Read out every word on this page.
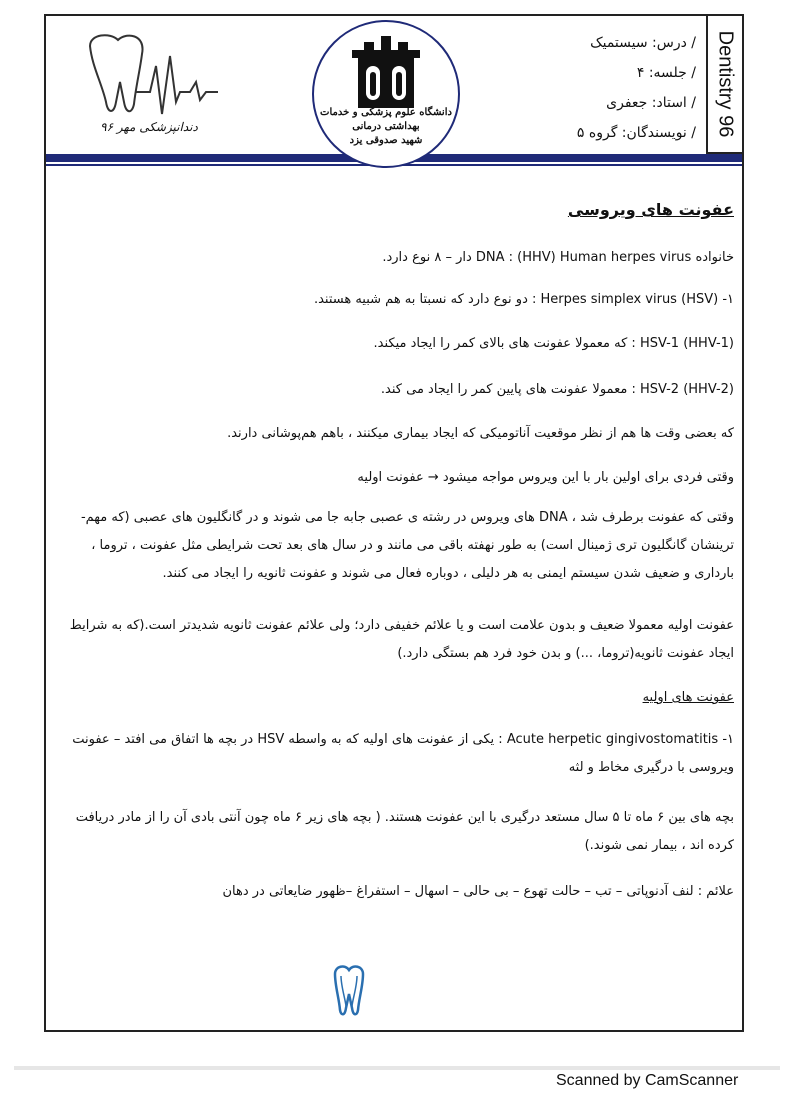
Dentistry 96
/ درس: سیستمیک
/ جلسه: ۴
/ استاد: جعفری
/ نویسندگان: گروه ۵
دانشگاه علوم پزشکی و خدمات بهداشتی درمانی
شهید صدوقی یزد
دندانپزشکی مهر ۹۶
عفونت های ویروسی
خانواده DNA : (HHV) Human herpes virus دار – ۸ نوع دارد.
۱- (HSV) Herpes simplex virus : دو نوع دارد که نسبتا به هم شبیه هستند.
HSV-1 (HHV-1) : که معمولا عفونت های بالای کمر را ایجاد میکند.
HSV-2 (HHV-2) : معمولا عفونت های پایین کمر را ایجاد می کند.
که بعضی وقت ها هم از نظر موقعیت آناتومیکی که ایجاد بیماری میکنند ، باهم هم‌پوشانی دارند.
وقتی فردی برای اولین بار با این ویروس مواجه میشود → عفونت اولیه
وقتی که عفونت برطرف شد ، DNA های ویروس در رشته ی عصبی جابه جا می شوند و در گانگلیون های عصبی (که مهم‌-ترینشان گانگلیون تری ژمینال است) به طور نهفته باقی می مانند و در سال های بعد تحت شرایطی مثل عفونت ، تروما ، بارداری و ضعیف شدن سیستم ایمنی به هر دلیلی ، دوباره فعال می شوند و عفونت ثانویه را ایجاد می کنند.
عفونت اولیه معمولا ضعیف و بدون علامت است و یا علائم خفیفی دارد؛ ولی علائم عفونت ثانویه شدیدتر است.(که به شرایط ایجاد عفونت ثانویه(تروما، ...) و بدن خود فرد هم بستگی دارد.)
عفونت های اولیه
۱- Acute herpetic gingivostomatitis : یکی از عفونت های اولیه که به واسطه HSV در بچه ها اتفاق می افتد – عفونت ویروسی با درگیری مخاط و لثه
بچه های بین ۶ ماه تا ۵ سال مستعد درگیری با این عفونت هستند. ( بچه های زیر ۶ ماه چون آنتی بادی آن را از مادر دریافت کرده اند ، بیمار نمی شوند.)
علائم : لنف آدنوپاتی – تب – حالت تهوع – بی حالی – اسهال – استفراغ –ظهور ضایعاتی در دهان
Scanned by CamScanner
